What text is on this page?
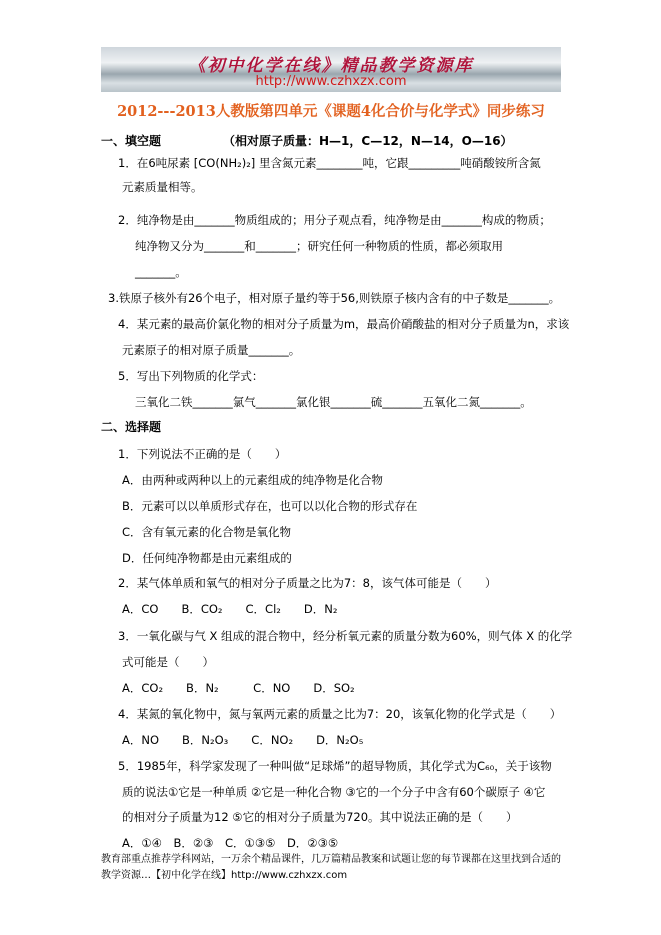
《初中化学在线》精品教学资源库
http://www.czhxzx.com
2012---2013人教版第四单元《课题4化合价与化学式》同步练习
一、填空题	（相对原子质量：H—1，C—12，N—14，O—16）
1．在6吨尿素 [CO(NH₂)₂] 里含氮元素________吨，它跟_________吨硝酸铵所含氮
元素质量相等。
2．纯净物是由_______物质组成的；用分子观点看，纯净物是由_______构成的物质；
纯净物又分为_______和_______；研究任何一种物质的性质，都必须取用
_______。
3.铁原子核外有26个电子，相对原子量约等于56,则铁原子核内含有的中子数是_______。
4．某元素的最高价氯化物的相对分子质量为m，最高价硝酸盐的相对分子质量为n，求该
元素原子的相对原子质量_______。
5．写出下列物质的化学式：
三氧化二铁_______氯气_______氯化银_______硫_______五氧化二氮_______。
二、选择题
1．下列说法不正确的是（　　）
A．由两种或两种以上的元素组成的纯净物是化合物
B．元素可以以单质形式存在，也可以以化合物的形式存在
C．含有氧元素的化合物是氧化物
D．任何纯净物都是由元素组成的
2．某气体单质和氧气的相对分子质量之比为7：8，该气体可能是（　　）
A．CO　　B．CO₂　　C．Cl₂　　D．N₂
3．一氧化碳与气 X 组成的混合物中，经分析氧元素的质量分数为60%，则气体 X 的化学
式可能是（　　）
A．CO₂　　B．N₂　　　C．NO　　D．SO₂
4．某氮的氧化物中，氮与氧两元素的质量之比为7：20，该氧化物的化学式是（　　）
A．NO　　B．N₂O₃　　C．NO₂　　D．N₂O₅
5．1985年，科学家发现了一种叫做“足球烯”的超导物质，其化学式为C₆₀，关于该物
质的说法①它是一种单质 ②它是一种化合物 ③它的一个分子中含有60个碳原子 ④它
的相对分子质量为12 ⑤它的相对分子质量为720。其中说法正确的是（　　）
A．①④　B．②③　C．①③⑤　D．②③⑤
教育部重点推荐学科网站，一万余个精品课件，几万篇精品教案和试题让您的每节课都在这里找到合适的
教学资源…【初中化学在线】http://www.czhxzx.com
